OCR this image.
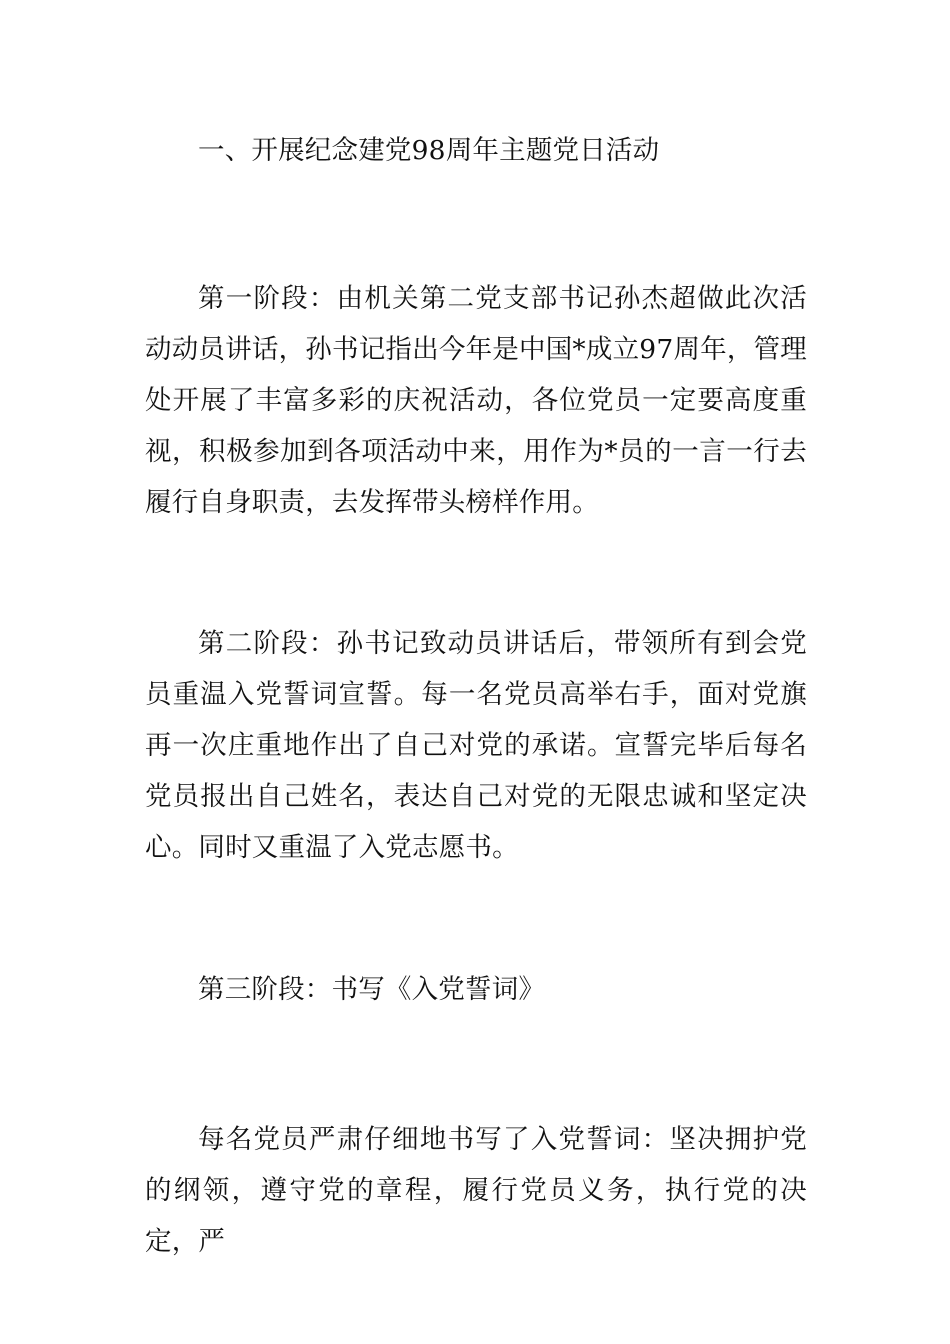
一、开展纪念建党98周年主题党日活动

第一阶段：由机关第二党支部书记孙杰超做此次活动动员讲话，孙书记指出今年是中国*成立97周年，管理处开展了丰富多彩的庆祝活动，各位党员一定要高度重视，积极参加到各项活动中来，用作为*员的一言一行去履行自身职责，去发挥带头榜样作用。

第二阶段：孙书记致动员讲话后，带领所有到会党员重温入党誓词宣誓。每一名党员高举右手，面对党旗再一次庄重地作出了自己对党的承诺。宣誓完毕后每名党员报出自己姓名，表达自己对党的无限忠诚和坚定决心。同时又重温了入党志愿书。

第三阶段：书写《入党誓词》

每名党员严肃仔细地书写了入党誓词：坚决拥护党的纲领，遵守党的章程，履行党员义务，执行党的决定，严
